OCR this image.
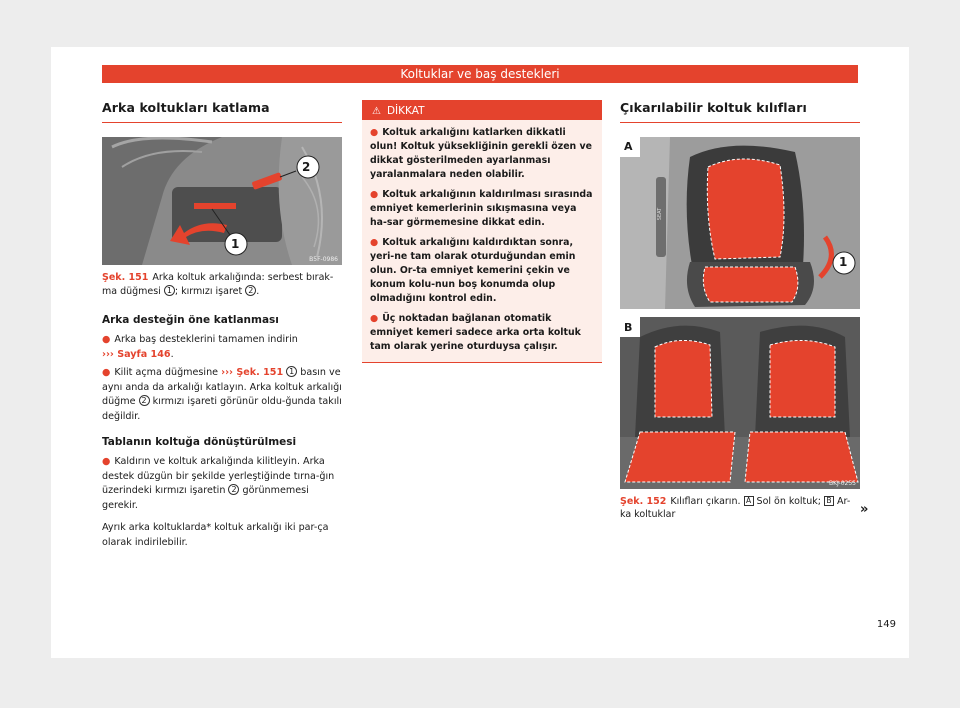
Koltuklar ve baş destekleri
Arka koltukları katlama
2
1
B5F-0986
Şek. 151 Arka koltuk arkalığında: serbest bırak-ma düğmesi 1 ; kırmızı işaret 2 .
Arka desteğin öne katlanması

● Arka baş desteklerini tamamen indirin
››› Sayfa 146.

● Kilit açma düğmesine ››› Şek. 151 1 basın ve aynı anda da arkalığı katlayın. Arka koltuk arkalığı düğme 2 kırmızı işareti görünür oldu-ğunda takılı değildir.

Tablanın koltuğa dönüştürülmesi

● Kaldırın ve koltuk arkalığında kilitleyin. Arka destek düzgün bir şekilde yerleştiğinde tırna-ğın üzerindeki kırmızı işaretin 2 görünmemesi gerekir.

Ayrık arka koltuklarda* koltuk arkalığı iki par-ça olarak indirilebilir.

⚠ DİKKAT

● Koltuk arkalığını katlarken dikkatli olun! Koltuk yüksekliğinin gerekli özen ve dikkat gösterilmeden ayarlanması yaralanmalara neden olabilir.

● Koltuk arkalığının kaldırılması sırasında emniyet kemerlerinin sıkışmasına veya ha-sar görmemesine dikkat edin.

● Koltuk arkalığını kaldırdıktan sonra, yeri-ne tam olarak oturduğundan emin olun. Or-ta emniyet kemerini çekin ve konum kolu-nun boş konumda olup olmadığını kontrol edin.

● Üç noktadan bağlanan otomatik emniyet kemeri sadece arka orta koltuk tam olarak yerine oturduysa çalışır.

Çıkarılabilir koltuk kılıfları
A
B
1
SEAT
BKJ-0255
Şek. 152 Kılıfları çıkarın. A Sol ön koltuk; B Ar-ka koltuklar	»
149
